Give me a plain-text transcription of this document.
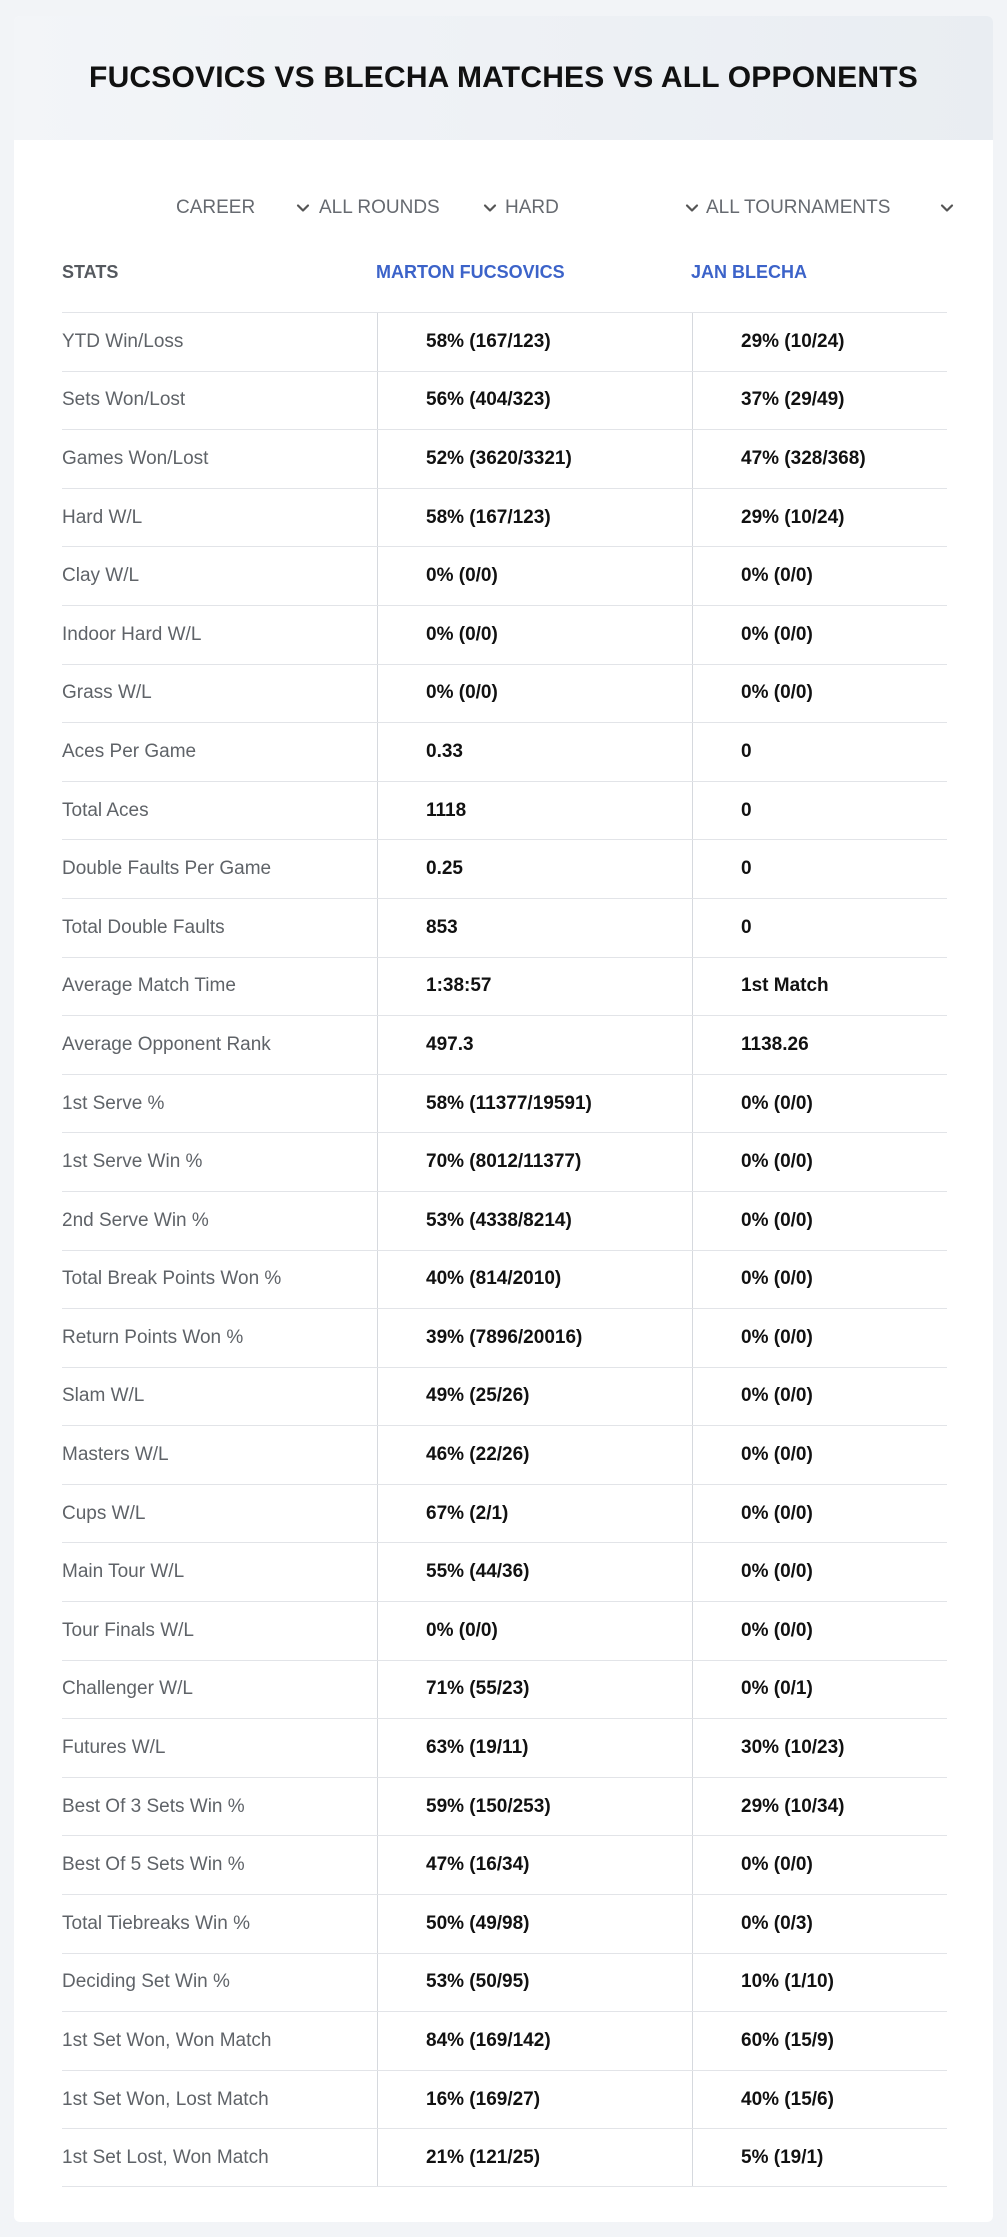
FUCSOVICS VS BLECHA MATCHES VS ALL OPPONENTS
CAREER	ALL ROUNDS	HARD	ALL TOURNAMENTS
STATS	MARTON FUCSOVICS	JAN BLECHA
YTD Win/Loss	58% (167/123)	29% (10/24)
Sets Won/Lost	56% (404/323)	37% (29/49)
Games Won/Lost	52% (3620/3321)	47% (328/368)
Hard W/L	58% (167/123)	29% (10/24)
Clay W/L	0% (0/0)	0% (0/0)
Indoor Hard W/L	0% (0/0)	0% (0/0)
Grass W/L	0% (0/0)	0% (0/0)
Aces Per Game	0.33	0
Total Aces	1118	0
Double Faults Per Game	0.25	0
Total Double Faults	853	0
Average Match Time	1:38:57	1st Match
Average Opponent Rank	497.3	1138.26
1st Serve %	58% (11377/19591)	0% (0/0)
1st Serve Win %	70% (8012/11377)	0% (0/0)
2nd Serve Win %	53% (4338/8214)	0% (0/0)
Total Break Points Won %	40% (814/2010)	0% (0/0)
Return Points Won %	39% (7896/20016)	0% (0/0)
Slam W/L	49% (25/26)	0% (0/0)
Masters W/L	46% (22/26)	0% (0/0)
Cups W/L	67% (2/1)	0% (0/0)
Main Tour W/L	55% (44/36)	0% (0/0)
Tour Finals W/L	0% (0/0)	0% (0/0)
Challenger W/L	71% (55/23)	0% (0/1)
Futures W/L	63% (19/11)	30% (10/23)
Best Of 3 Sets Win %	59% (150/253)	29% (10/34)
Best Of 5 Sets Win %	47% (16/34)	0% (0/0)
Total Tiebreaks Win %	50% (49/98)	0% (0/3)
Deciding Set Win %	53% (50/95)	10% (1/10)
1st Set Won, Won Match	84% (169/142)	60% (15/9)
1st Set Won, Lost Match	16% (169/27)	40% (15/6)
1st Set Lost, Won Match	21% (121/25)	5% (19/1)
